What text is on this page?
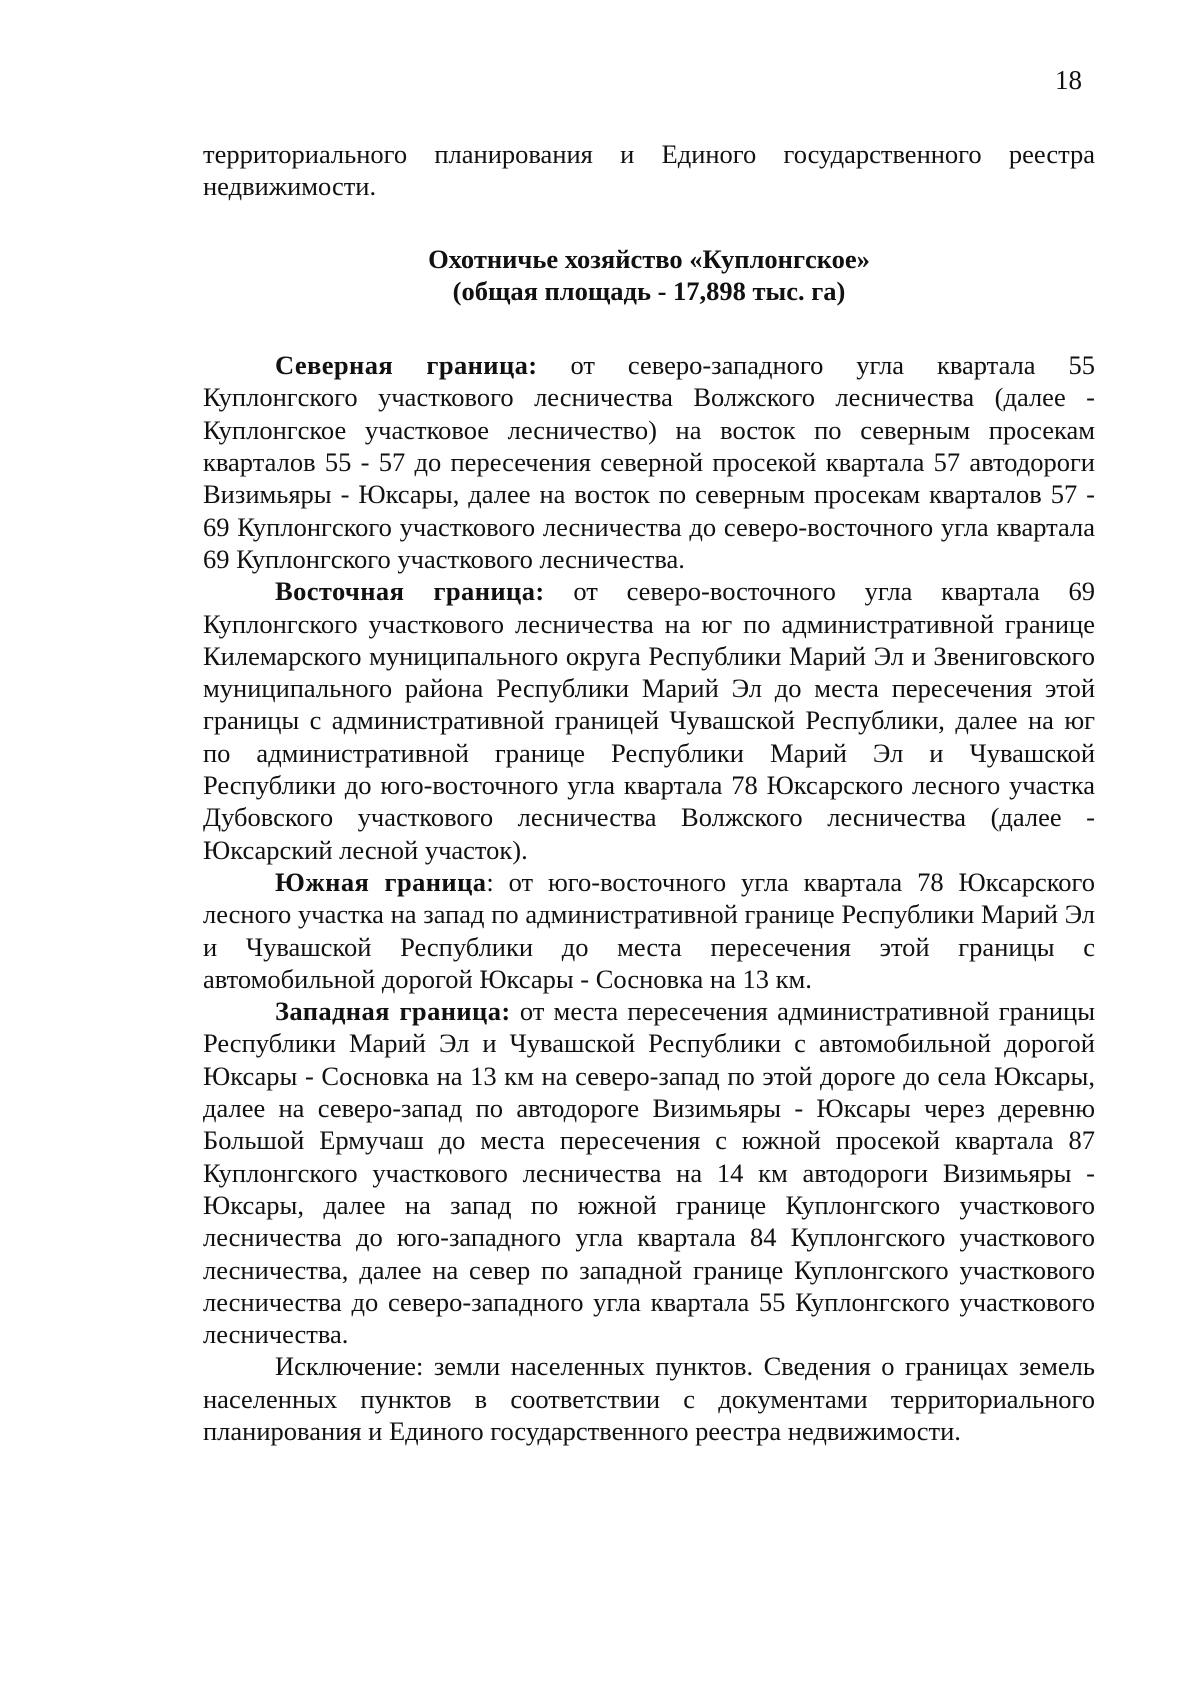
18

территориального планирования и Единого государственного реестра недвижимости.

Охотничье хозяйство «Куплонгское»
(общая площадь - 17,898 тыс. га)

Северная граница: от северо-западного угла квартала 55 Куплонгского участкового лесничества Волжского лесничества (далее - Куплонгское участковое лесничество) на восток по северным просекам кварталов 55 - 57 до пересечения северной просекой квартала 57 автодороги Визимьяры - Юксары, далее на восток по северным просекам кварталов 57 - 69 Куплонгского участкового лесничества до северо-восточного угла квартала 69 Куплонгского участкового лесничества.

Восточная граница: от северо-восточного угла квартала 69 Куплонгского участкового лесничества на юг по административной границе Килемарского муниципального округа Республики Марий Эл и Звениговского муниципального района Республики Марий Эл до места пересечения этой границы с административной границей Чувашской Республики, далее на юг по административной границе Республики Марий Эл и Чувашской Республики до юго-восточного угла квартала 78 Юксарского лесного участка Дубовского участкового лесничества Волжского лесничества (далее - Юксарский лесной участок).

Южная граница: от юго-восточного угла квартала 78 Юксарского лесного участка на запад по административной границе Республики Марий Эл и Чувашской Республики до места пересечения этой границы с автомобильной дорогой Юксары - Сосновка на 13 км.

Западная граница: от места пересечения административной границы Республики Марий Эл и Чувашской Республики с автомобильной дорогой Юксары - Сосновка на 13 км на северо-запад по этой дороге до села Юксары, далее на северо-запад по автодороге Визимьяры - Юксары через деревню Большой Ермучаш до места пересечения с южной просекой квартала 87 Куплонгского участкового лесничества на 14 км автодороги Визимьяры - Юксары, далее на запад по южной границе Куплонгского участкового лесничества до юго-западного угла квартала 84 Куплонгского участкового лесничества, далее на север по западной границе Куплонгского участкового лесничества до северо-западного угла квартала 55 Куплонгского участкового лесничества.

Исключение: земли населенных пунктов. Сведения о границах земель населенных пунктов в соответствии с документами территориального планирования и Единого государственного реестра недвижимости.
